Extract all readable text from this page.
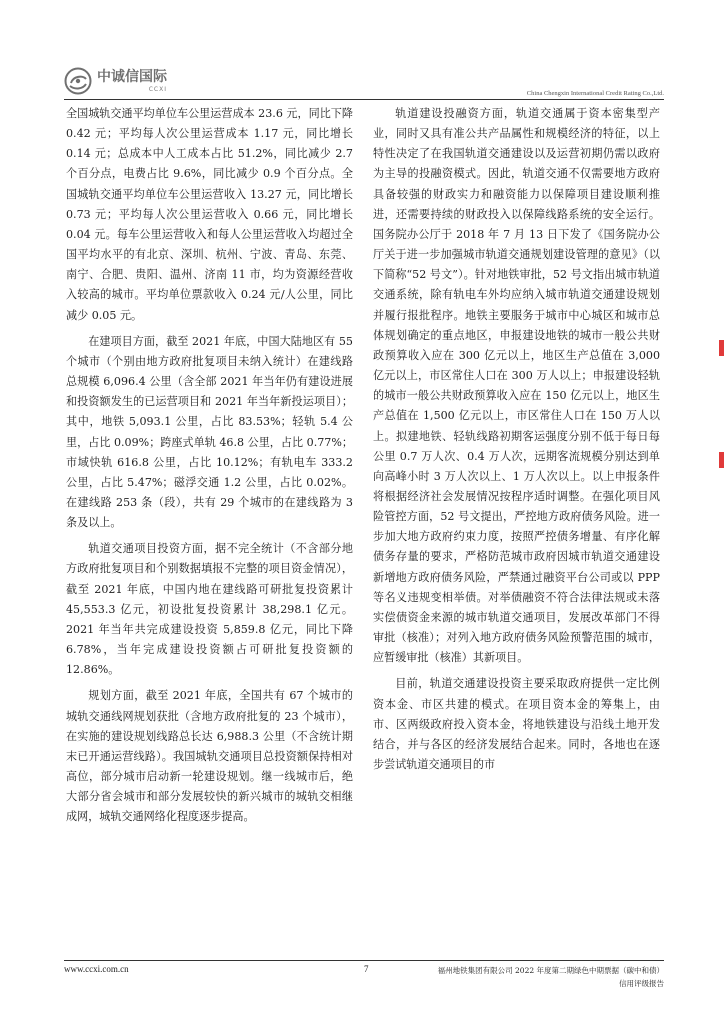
中诚信国际
CCXI
China Chengxin International Credit Rating Co.,Ltd.

全国城轨交通平均单位车公里运营成本 23.6 元，同比下降 0.42 元；平均每人次公里运营成本 1.17 元，同比增长 0.14 元；总成本中人工成本占比 51.2%，同比减少 2.7 个百分点，电费占比 9.6%，同比减少 0.9 个百分点。全国城轨交通平均单位车公里运营收入 13.27 元，同比增长 0.73 元；平均每人次公里运营收入 0.66 元，同比增长 0.04 元。每车公里运营收入和每人公里运营收入均超过全国平均水平的有北京、深圳、杭州、宁波、青岛、东莞、南宁、合肥、贵阳、温州、济南 11 市，均为资源经营收入较高的城市。平均单位票款收入 0.24 元/人公里，同比减少 0.05 元。

在建项目方面，截至 2021 年底，中国大陆地区有 55 个城市（个别由地方政府批复项目未纳入统计）在建线路总规模 6,096.4 公里（含全部 2021 年当年仍有建设进展和投资额发生的已运营项目和 2021 年当年新投运项目）；其中，地铁 5,093.1 公里，占比 83.53%；轻轨 5.4 公里，占比 0.09%；跨座式单轨 46.8 公里，占比 0.77%；市域快轨 616.8 公里，占比 10.12%；有轨电车 333.2 公里，占比 5.47%；磁浮交通 1.2 公里，占比 0.02%。在建线路 253 条（段），共有 29 个城市的在建线路为 3 条及以上。

轨道交通项目投资方面，据不完全统计（不含部分地方政府批复项目和个别数据填报不完整的项目资金情况），截至 2021 年底，中国内地在建线路可研批复投资累计 45,553.3 亿元，初设批复投资累计 38,298.1 亿元。2021 年当年共完成建设投资 5,859.8 亿元，同比下降 6.78%，当年完成建设投资额占可研批复投资额的 12.86%。

规划方面，截至 2021 年底，全国共有 67 个城市的城轨交通线网规划获批（含地方政府批复的 23 个城市），在实施的建设规划线路总长达 6,988.3 公里（不含统计期末已开通运营线路）。我国城轨交通项目总投资额保持相对高位，部分城市启动新一轮建设规划。继一线城市后，绝大部分省会城市和部分发展较快的新兴城市的城轨交相继成网，城轨交通网络化程度逐步提高。

轨道建设投融资方面，轨道交通属于资本密集型产业，同时又具有准公共产品属性和规模经济的特征，以上特性决定了在我国轨道交通建设以及运营初期仍需以政府为主导的投融资模式。因此，轨道交通不仅需要地方政府具备较强的财政实力和融资能力以保障项目建设顺利推进，还需要持续的财政投入以保障线路系统的安全运行。国务院办公厅于 2018 年 7 月 13 日下发了《国务院办公厅关于进一步加强城市轨道交通规划建设管理的意见》（以下简称“52 号文”）。针对地铁审批，52 号文指出城市轨道交通系统，除有轨电车外均应纳入城市轨道交通建设规划并履行报批程序。地铁主要服务于城市中心城区和城市总体规划确定的重点地区，申报建设地铁的城市一般公共财政预算收入应在 300 亿元以上，地区生产总值在 3,000 亿元以上，市区常住人口在 300 万人以上；申报建设轻轨的城市一般公共财政预算收入应在 150 亿元以上，地区生产总值在 1,500 亿元以上，市区常住人口在 150 万人以上。拟建地铁、轻轨线路初期客运强度分别不低于每日每公里 0.7 万人次、0.4 万人次，远期客流规模分别达到单向高峰小时 3 万人次以上、1 万人次以上。以上申报条件将根据经济社会发展情况按程序适时调整。在强化项目风险管控方面，52 号文提出，严控地方政府债务风险。进一步加大地方政府约束力度，按照严控债务增量、有序化解债务存量的要求，严格防范城市政府因城市轨道交通建设新增地方政府债务风险，严禁通过融资平台公司或以 PPP 等名义违规变相举债。对举债融资不符合法律法规或未落实偿债资金来源的城市轨道交通项目，发展改革部门不得审批（核准）；对列入地方政府债务风险预警范围的城市，应暂缓审批（核准）其新项目。

目前，轨道交通建设投资主要采取政府提供一定比例资本金、市区共建的模式。在项目资本金的筹集上，由市、区两级政府投入资本金，将地铁建设与沿线土地开发结合，并与各区的经济发展结合起来。同时，各地也在逐步尝试轨道交通项目的市

www.ccxi.com.cn	7	福州地铁集团有限公司 2022 年度第二期绿色中期票据（碳中和债）
信用评级报告
